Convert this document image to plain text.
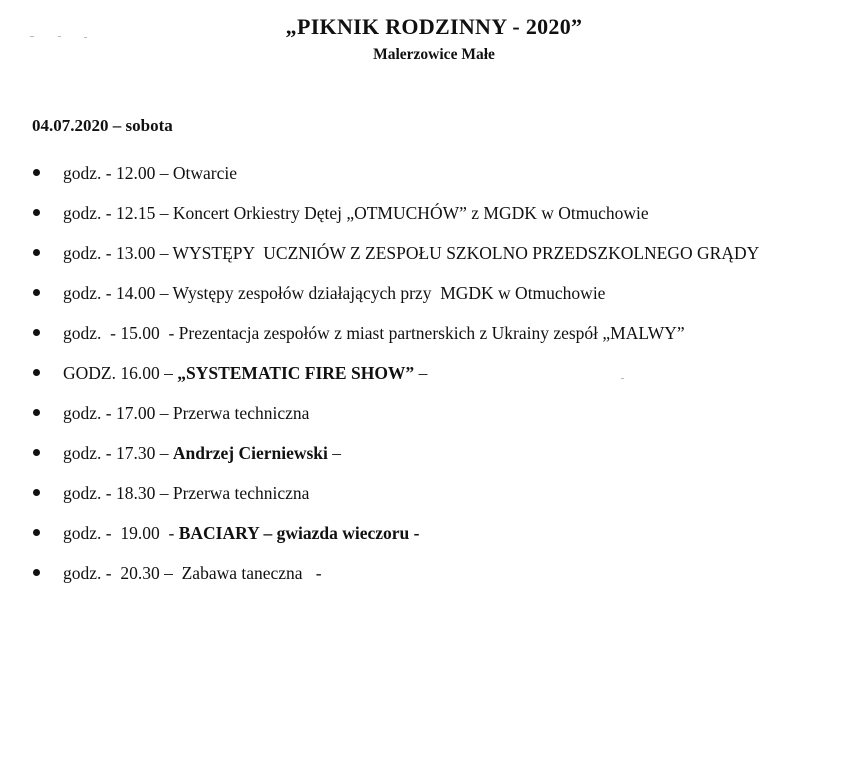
„PIKNIK RODZINNY - 2020”
Malerzowice Małe
04.07.2020 – sobota
godz. - 12.00 – Otwarcie
godz. - 12.15 – Koncert Orkiestry Dętej „OTMUCHÓW” z MGDK w Otmuchowie
godz. - 13.00 – WYSTĘPY  UCZNIÓW Z ZESPOŁU SZKOLNO PRZEDSZKOLNEGO GRĄDY
godz. - 14.00 – Występy zespołów działających przy  MGDK w Otmuchowie
godz.  - 15.00  - Prezentacja zespołów z miast partnerskich z Ukrainy zespół „MALWY”
GODZ. 16.00 – „SYSTEMATIC FIRE SHOW” –
godz. - 17.00 – Przerwa techniczna
godz. - 17.30 – Andrzej Cierniewski –
godz. - 18.30 – Przerwa techniczna
godz. -  19.00  - BACIARY – gwiazda wieczoru -
godz. -  20.30 –  Zabawa taneczna   -
